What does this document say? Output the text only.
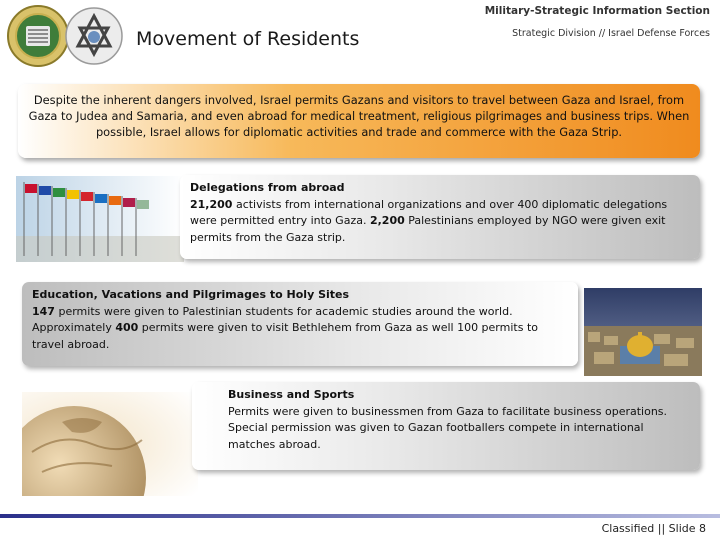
Movement of Residents
Military-Strategic Information Section
Strategic Division // Israel Defense Forces
Despite the inherent dangers involved, Israel permits Gazans and visitors to travel between Gaza and Israel, from Gaza to Judea and Samaria, and even abroad for medical treatment, religious pilgrimages and business trips. When possible, Israel allows for diplomatic activities and trade and commerce with the Gaza Strip.
Delegations from abroad
21,200 activists from international organizations and over 400 diplomatic delegations were permitted entry into Gaza. 2,200 Palestinians employed by NGO were given exit permits from the Gaza strip.
Education, Vacations and Pilgrimages to Holy Sites
147 permits were given to Palestinian students for academic studies around the world. Approximately 400 permits were given to visit Bethlehem from Gaza as well 100 permits to travel abroad.
Business and Sports
Permits were given to businessmen from Gaza to facilitate business operations. Special permission was given to Gazan footballers compete in international matches abroad.
Classified || Slide 8
